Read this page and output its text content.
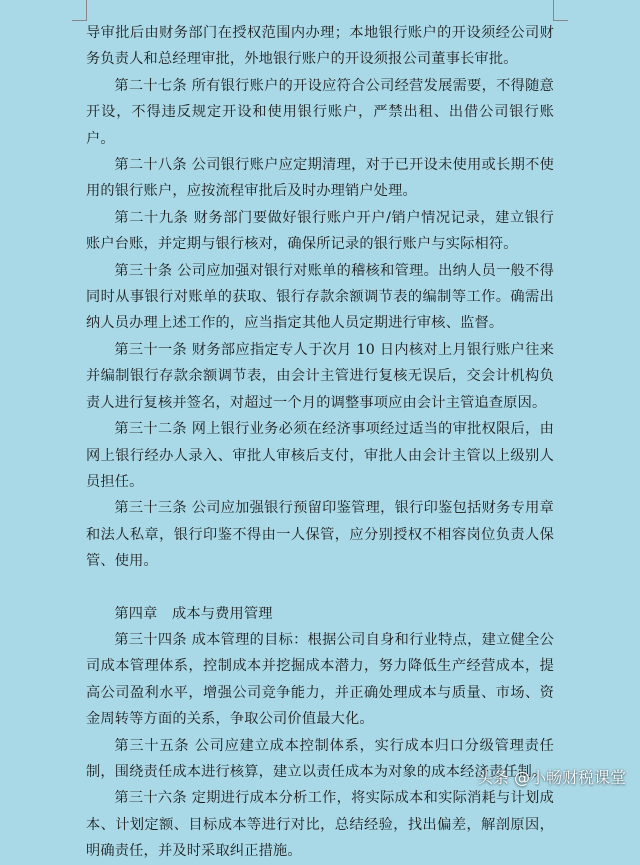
导审批后由财务部门在授权范围内办理；本地银行账户的开设须经公司财务负责人和总经理审批，外地银行账户的开设须报公司董事长审批。

第二十七条 所有银行账户的开设应符合公司经营发展需要，不得随意开设，不得违反规定开设和使用银行账户，严禁出租、出借公司银行账户。

第二十八条 公司银行账户应定期清理，对于已开设未使用或长期不使用的银行账户，应按流程审批后及时办理销户处理。

第二十九条 财务部门要做好银行账户开户/销户情况记录，建立银行账户台账，并定期与银行核对，确保所记录的银行账户与实际相符。

第三十条 公司应加强对银行对账单的稽核和管理。出纳人员一般不得同时从事银行对账单的获取、银行存款余额调节表的编制等工作。确需出纳人员办理上述工作的，应当指定其他人员定期进行审核、监督。

第三十一条 财务部应指定专人于次月 10 日内核对上月银行账户往来并编制银行存款余额调节表，由会计主管进行复核无误后，交会计机构负责人进行复核并签名，对超过一个月的调整事项应由会计主管追查原因。

第三十二条 网上银行业务必须在经济事项经过适当的审批权限后，由网上银行经办人录入、审批人审核后支付，审批人由会计主管以上级别人员担任。

第三十三条 公司应加强银行预留印鉴管理，银行印鉴包括财务专用章和法人私章，银行印鉴不得由一人保管，应分别授权不相容岗位负责人保管、使用。

第四章　成本与费用管理

第三十四条 成本管理的目标：根据公司自身和行业特点，建立健全公司成本管理体系，控制成本并挖掘成本潜力，努力降低生产经营成本，提高公司盈利水平，增强公司竞争能力，并正确处理成本与质量、市场、资金周转等方面的关系，争取公司价值最大化。

第三十五条 公司应建立成本控制体系，实行成本归口分级管理责任制，围绕责任成本进行核算，建立以责任成本为对象的成本经济责任制。

第三十六条 定期进行成本分析工作，将实际成本和实际消耗与计划成本、计划定额、目标成本等进行对比，总结经验，找出偏差，解剖原因，明确责任，并及时采取纠正措施。

头条 @小畅财税课堂
